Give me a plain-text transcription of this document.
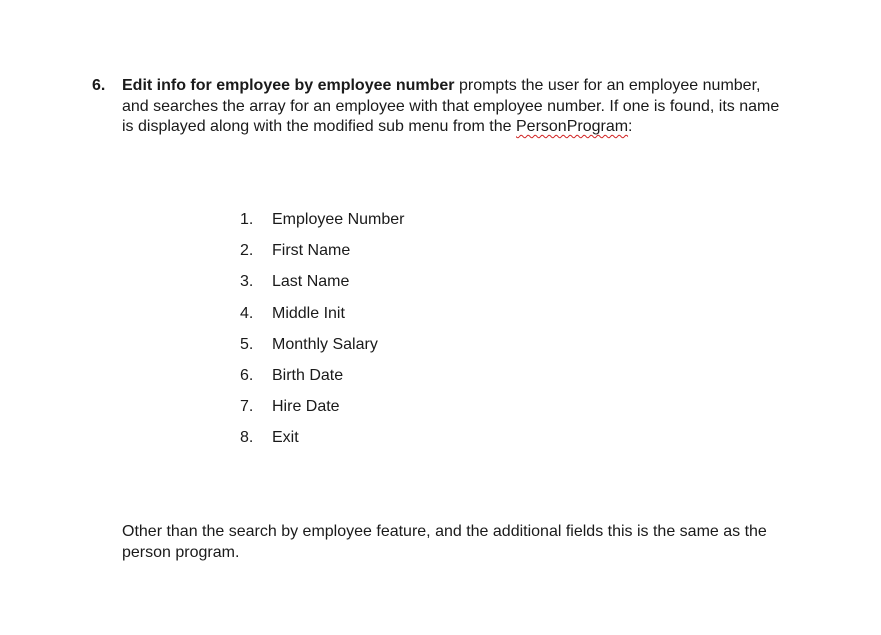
6. Edit info for employee by employee number prompts the user for an employee number, and searches the array for an employee with that employee number. If one is found, its name is displayed along with the modified sub menu from the PersonProgram:
1.	Employee Number
2.	First Name
3.	Last Name
4.	Middle Init
5.	Monthly Salary
6.	Birth Date
7.	Hire Date
8.	Exit
Other than the search by employee feature, and the additional fields this is the same as the person program.
